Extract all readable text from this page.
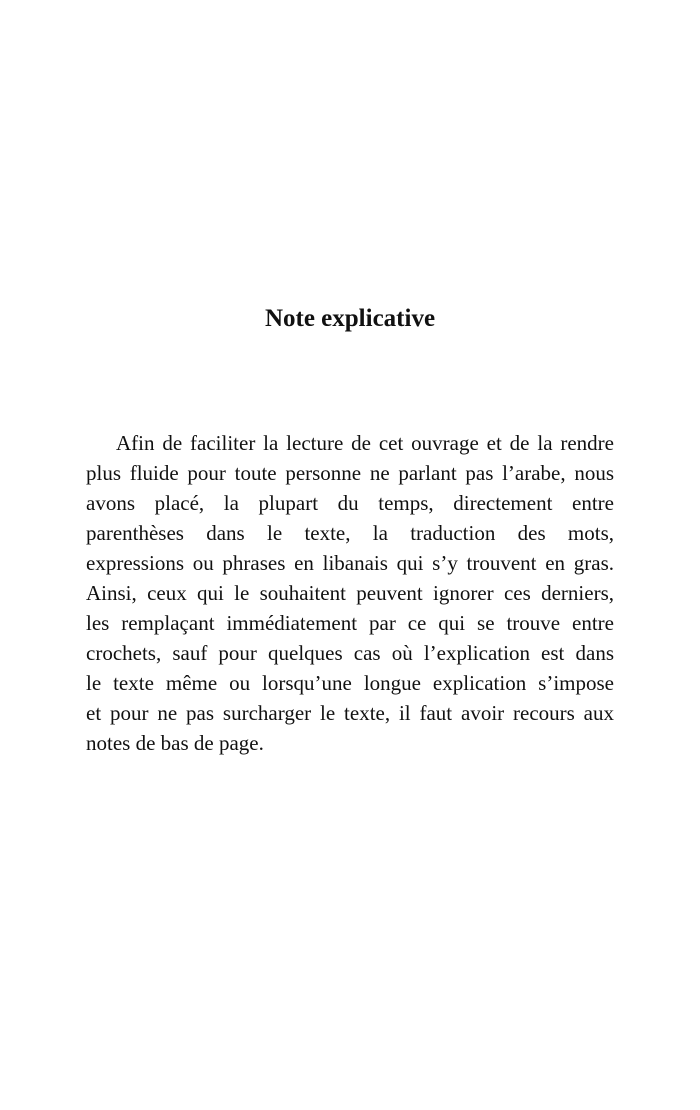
Note explicative
Afin de faciliter la lecture de cet ouvrage et de la rendre
plus fluide pour toute personne ne parlant pas l’arabe, nous
avons placé, la plupart du temps, directement entre
parenthèses dans le texte, la traduction des mots,
expressions ou phrases en libanais qui s’y trouvent en gras.
Ainsi, ceux qui le souhaitent peuvent ignorer ces derniers,
les remplaçant immédiatement par ce qui se trouve entre
crochets, sauf pour quelques cas où l’explication est dans
le texte même ou lorsqu’une longue explication s’impose
et pour ne pas surcharger le texte, il faut avoir recours aux
notes de bas de page.
